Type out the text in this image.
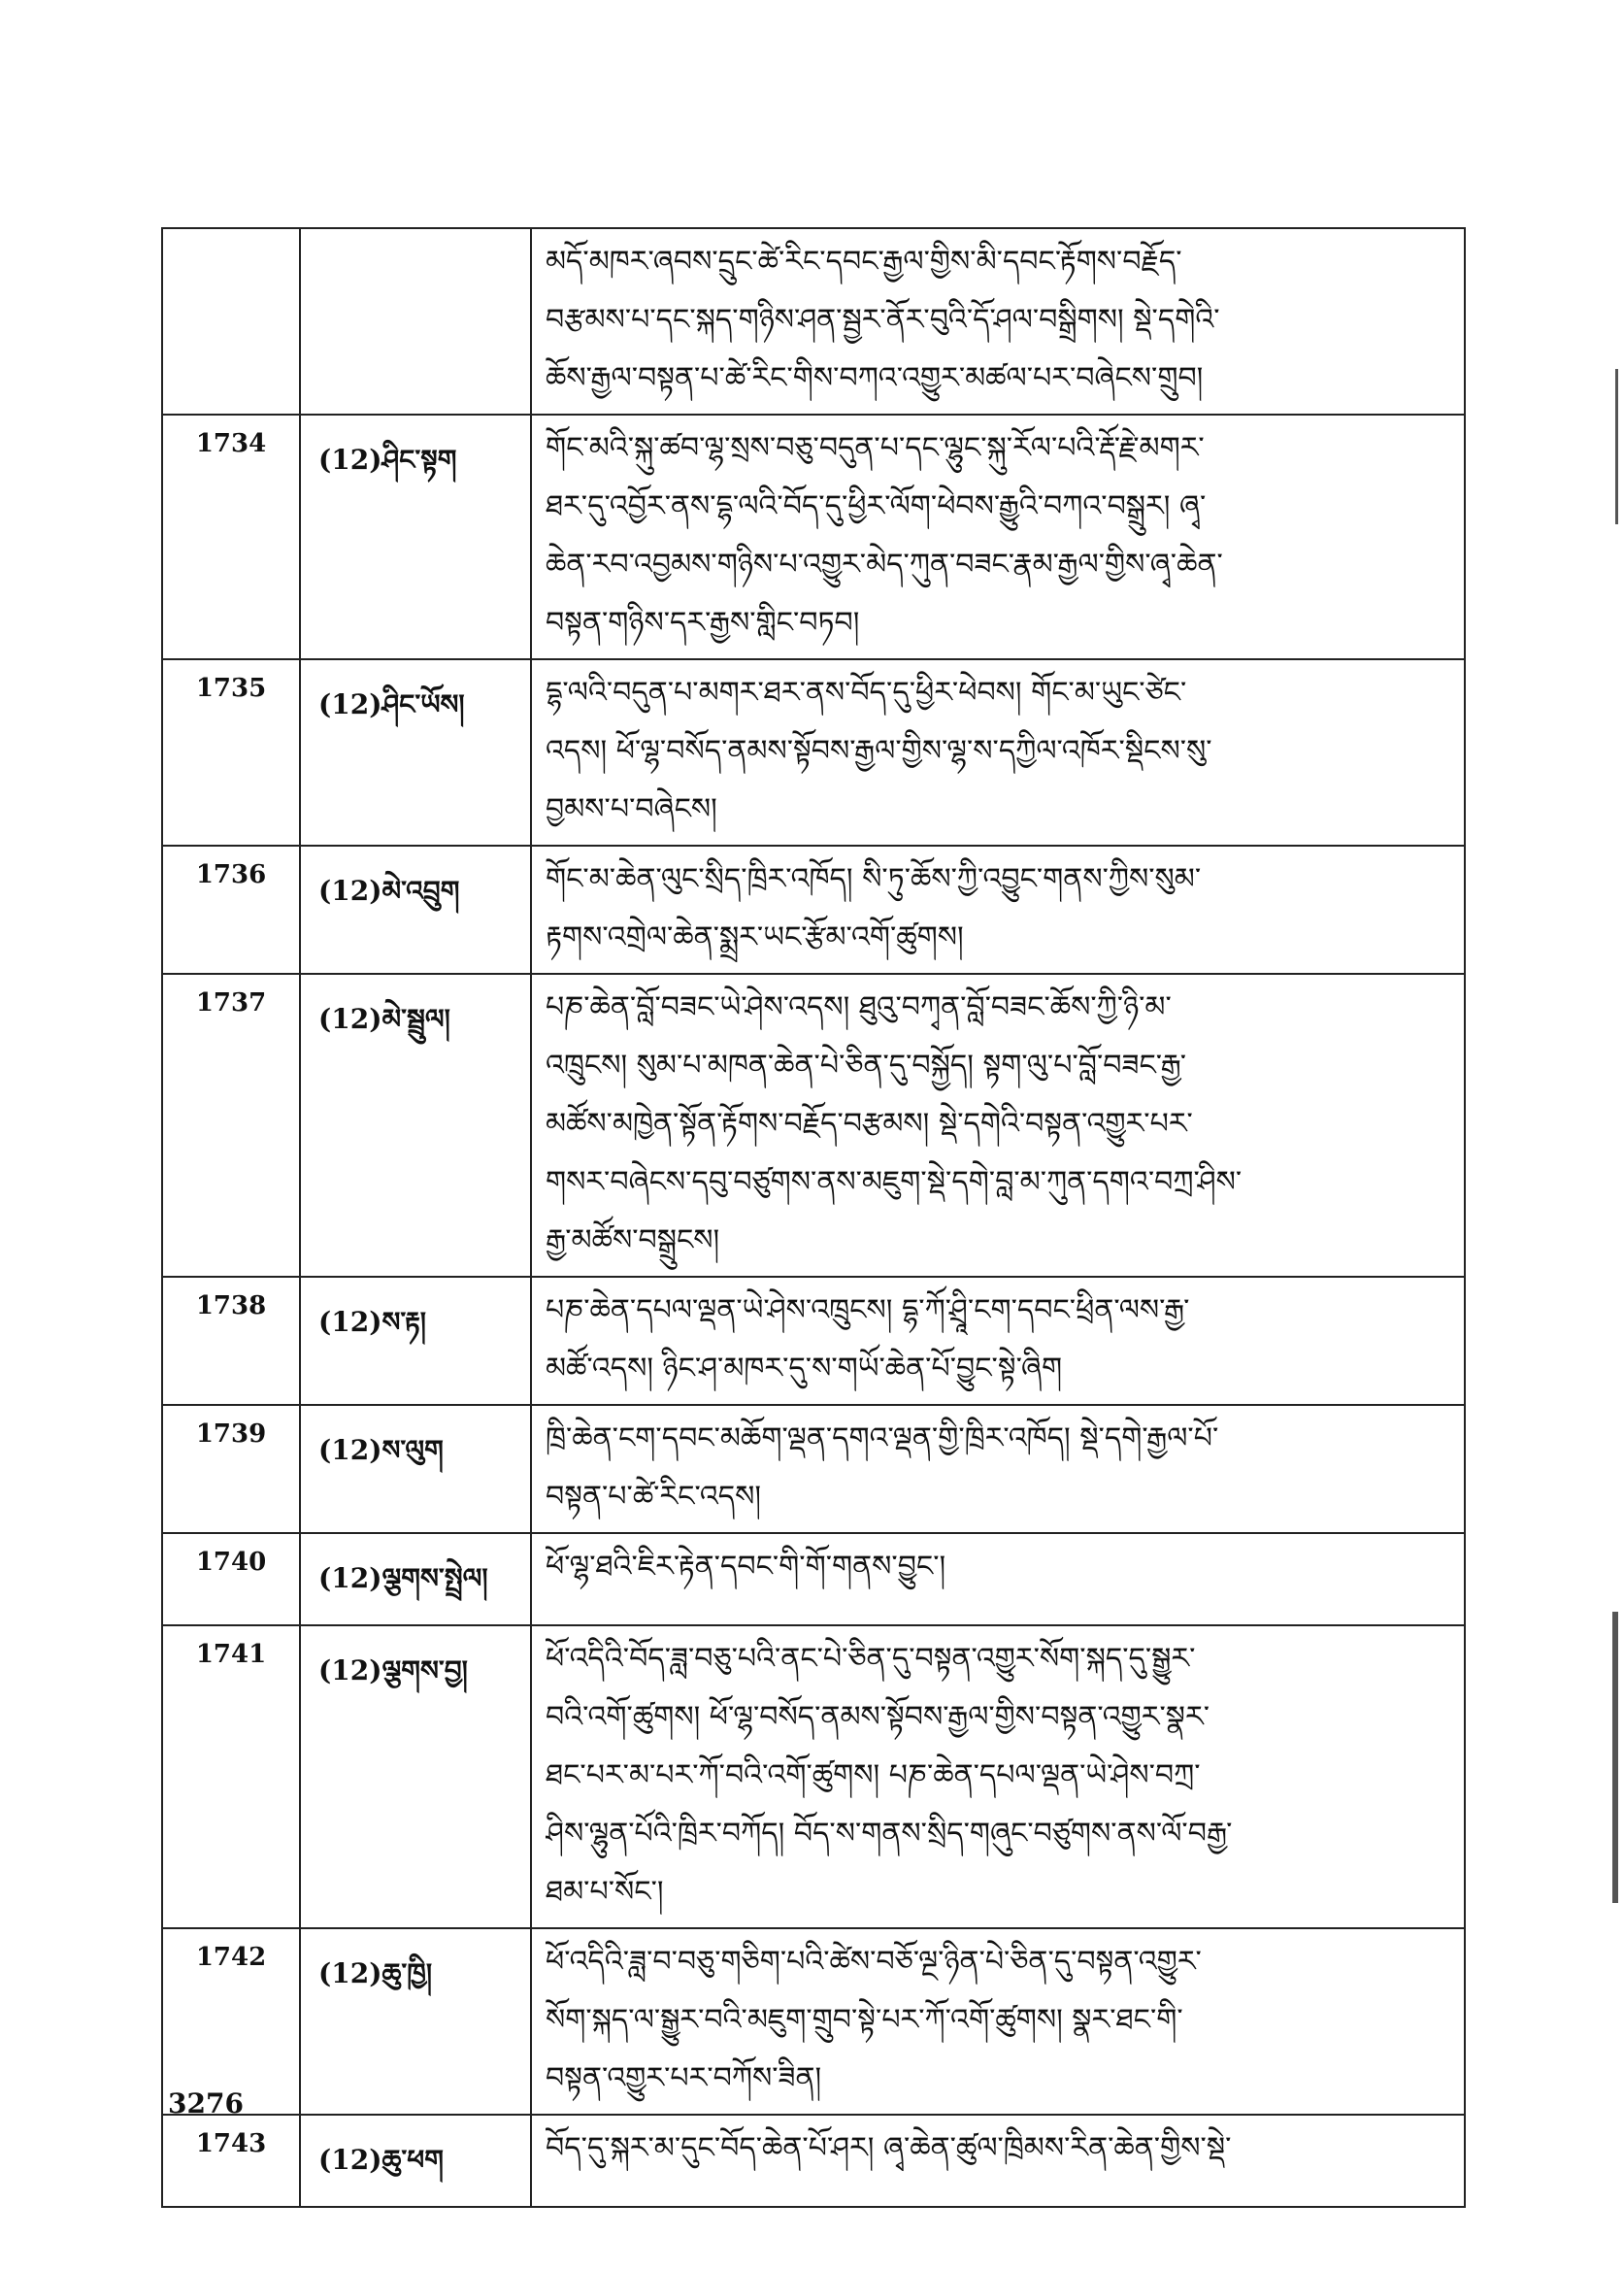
		མདོ་མཁར་ཞབས་དྲུང་ཚེ་རིང་དབང་རྒྱལ་གྱིས་མི་དབང་རྟོགས་བརྗོད་
བརྩམས་པ་དང་སྐད་གཉིས་ཤན་སྦྱར་ནོར་བུའི་དོ་ཤལ་བསྒྲིགས། སྡེ་དགེའི་
ཆོས་རྒྱལ་བསྟན་པ་ཚེ་རིང་གིས་བཀའ་འགྱུར་མཚལ་པར་བཞེངས་གྲུབ།

1734	(12)ཤིང་སྟག	གོང་མའི་སྐུ་ཚབ་ལྷ་སྲས་བཅུ་བདུན་པ་དང་ལྷུང་སྐུ་རོལ་པའི་རྡོ་རྗེ་མགར་
ཐར་དུ་འབྱོར་ནས་དྷ་ལའི་བོད་དུ་ཕྱིར་ལོག་ཕེབས་རྒྱུའི་བཀའ་བསྒྲུར། ཞྭ་
ཆེན་རབ་འབྱམས་གཉིས་པ་འགྱུར་མེད་ཀུན་བཟང་རྣམ་རྒྱལ་གྱིས་ཞྭ་ཆེན་
བསྟན་གཉིས་དར་རྒྱས་གླིང་བཏབ།

1735	(12)ཤིང་ཡོས།	དྷ་ལའི་བདུན་པ་མགར་ཐར་ནས་བོད་དུ་ཕྱིར་ཕེབས། གོང་མ་ཡུང་ཙེང་
འདས། ཕོ་ལྷ་བསོད་ནམས་སྟོབས་རྒྱལ་གྱིས་ལྷ་ས་དཀྱིལ་འཁོར་སྡིངས་སུ་
བྱམས་པ་བཞེངས།

1736	(12)མེ་འབྲུག	གོང་མ་ཆེན་ལུང་སྲིད་ཁྲིར་འཁོད། སི་ཏུ་ཆོས་ཀྱི་འབྱུང་གནས་ཀྱིས་སུམ་
རྟགས་འགྲེལ་ཆེན་སྨྲར་ཡང་རྩོམ་འགོ་ཚུགས།

1737	(12)མེ་སྦྲུལ།	པཎ་ཆེན་བློ་བཟང་ཡེ་ཤེས་འདས། ཐུའུ་བཀྭན་བློ་བཟང་ཆོས་ཀྱི་ཉི་མ་
འཁྲུངས། སུམ་པ་མཁན་ཆེན་པེ་ཅིན་དུ་བསྐྱོད། སྟག་ལུ་པ་བློ་བཟང་རྒྱ་
མཚོས་མཁྱེན་སྟོན་རྟོགས་བརྗོད་བརྩམས། སྡེ་དགེའི་བསྟན་འགྱུར་པར་
གསར་བཞེངས་དབུ་བཙུགས་ནས་མཇུག་སྡེ་དགེ་བླ་མ་ཀུན་དགའ་བཀྲ་ཤིས་
རྒྱ་མཚོས་བསྒྲུངས།

1738	(12)ས་རྟ།	པཎ་ཆེན་དཔལ་ལྡན་ཡེ་ཤེས་འཁྲུངས། དྷ་ཀོ་ཤྲཱི་ངག་དབང་ཕྲིན་ལས་རྒྱ་
མཚོ་འདས། ཉིང་ཤ་མཁར་དུ་ས་གཡོ་ཆེན་པོ་བྱུང་སྟེ་ཞིག

1739	(12)ས་ལུག	ཁྲི་ཆེན་ངག་དབང་མཆོག་ལྡན་དགའ་ལྡན་གྱི་ཁྲིར་འཁོད། སྡེ་དགེ་རྒྱལ་པོ་
བསྟན་པ་ཚེ་རིང་འདས།

1740	(12)ལྕགས་སྤྲེལ།	ཕོ་ལྷ་ཐའི་ཇིར་རྟེན་དབང་གི་གོ་གནས་བྱུང་།

1741	(12)ལྕགས་བྱ།	ཕོ་འདིའི་བོད་ཟླ་བཅུ་པའི་ནང་པེ་ཅིན་དུ་བསྟན་འགྱུར་སོག་སྐད་དུ་སྒྱུར་
བའི་འགོ་ཚུགས། ཕོ་ལྷ་བསོད་ནམས་སྟོབས་རྒྱལ་གྱིས་བསྟན་འགྱུར་སྣར་
ཐང་པར་མ་པར་ཀོ་བའི་འགོ་ཚུགས། པཎ་ཆེན་དཔལ་ལྡན་ཡེ་ཤེས་བཀྲ་
ཤིས་ལྷུན་པོའི་ཁྲིར་བཀོད། བོད་ས་གནས་སྲིད་གཞུང་བཙུགས་ནས་ལོ་བརྒྱ་
ཐམ་པ་སོང་།

1742	(12)ཆུ་ཁྱི།	ཕོ་འདིའི་ཟླ་བ་བཅུ་གཅིག་པའི་ཚེས་བཅོ་ལྔ་ཉིན་པེ་ཅིན་དུ་བསྟན་འགྱུར་
སོག་སྐད་ལ་སྒྱུར་བའི་མཇུག་གྲུབ་སྟེ་པར་ཀོ་འགོ་ཚུགས། སྣར་ཐང་གི་
བསྟན་འགྱུར་པར་བཀོས་ཟིན།

1743	(12)ཆུ་ཕག	བོད་དུ་སྐར་མ་དུང་བོད་ཆེན་པོ་ཤར། ཞྭ་ཆེན་ཚུལ་ཁྲིམས་རིན་ཆེན་གྱིས་སྡེ་
3276
